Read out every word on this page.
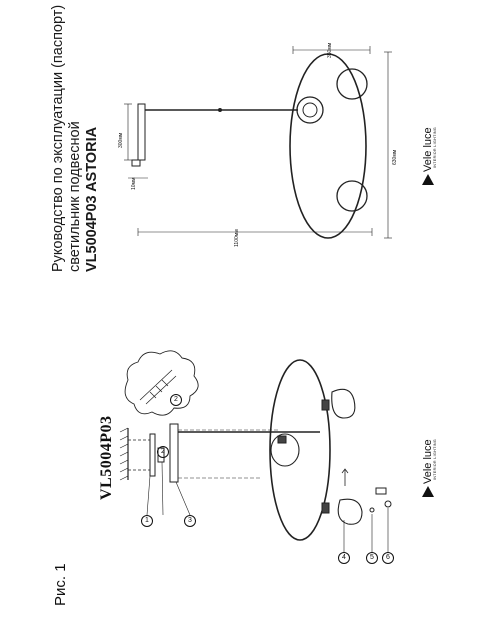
Руководство по эксплуатации (паспорт) светильник подвесной VL5004P03 ASTORIA
Рис. 1
VL5004P03
350мм
300мм
630мм
1100мм
10мм
1
2
3
4	5	6
2
Vele luce INTERIOR LIGHTING
Vele luce INTERIOR LIGHTING
